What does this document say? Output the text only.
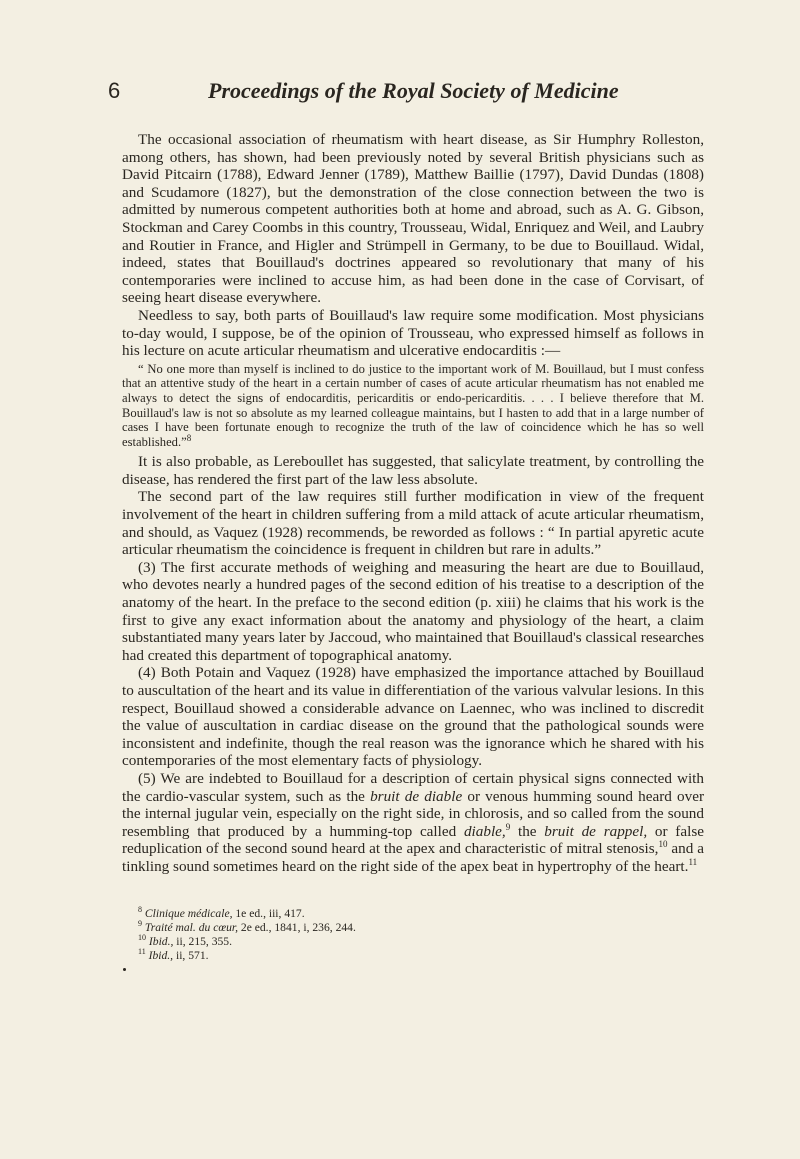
6	Proceedings of the Royal Society of Medicine

The occasional association of rheumatism with heart disease, as Sir Humphry Rolleston, among others, has shown, had been previously noted by several British physicians such as David Pitcairn (1788), Edward Jenner (1789), Matthew Baillie (1797), David Dundas (1808) and Scudamore (1827), but the demonstration of the close connection between the two is admitted by numerous competent authorities both at home and abroad, such as A. G. Gibson, Stockman and Carey Coombs in this country, Trousseau, Widal, Enriquez and Weil, and Laubry and Routier in France, and Higler and Strümpell in Germany, to be due to Bouillaud. Widal, indeed, states that Bouillaud's doctrines appeared so revolutionary that many of his contemporaries were inclined to accuse him, as had been done in the case of Corvisart, of seeing heart disease everywhere.

Needless to say, both parts of Bouillaud's law require some modification. Most physicians to-day would, I suppose, be of the opinion of Trousseau, who expressed himself as follows in his lecture on acute articular rheumatism and ulcerative endocarditis :—

“ No one more than myself is inclined to do justice to the important work of M. Bouillaud, but I must confess that an attentive study of the heart in a certain number of cases of acute articular rheumatism has not enabled me always to detect the signs of endocarditis, pericarditis or endo-pericarditis. . . . I believe therefore that M. Bouillaud's law is not so absolute as my learned colleague maintains, but I hasten to add that in a large number of cases I have been fortunate enough to recognize the truth of the law of coincidence which he has so well established.”$^8$

It is also probable, as Lereboullet has suggested, that salicylate treatment, by controlling the disease, has rendered the first part of the law less absolute.

The second part of the law requires still further modification in view of the frequent involvement of the heart in children suffering from a mild attack of acute articular rheumatism, and should, as Vaquez (1928) recommends, be reworded as follows : “ In partial apyretic acute articular rheumatism the coincidence is frequent in children but rare in adults.”

(3) The first accurate methods of weighing and measuring the heart are due to Bouillaud, who devotes nearly a hundred pages of the second edition of his treatise to a description of the anatomy of the heart. In the preface to the second edition (p. xiii) he claims that his work is the first to give any exact information about the anatomy and physiology of the heart, a claim substantiated many years later by Jaccoud, who maintained that Bouillaud's classical researches had created this department of topographical anatomy.

(4) Both Potain and Vaquez (1928) have emphasized the importance attached by Bouillaud to auscultation of the heart and its value in differentiation of the various valvular lesions. In this respect, Bouillaud showed a considerable advance on Laennec, who was inclined to discredit the value of auscultation in cardiac disease on the ground that the pathological sounds were inconsistent and indefinite, though the real reason was the ignorance which he shared with his contemporaries of the most elementary facts of physiology.

(5) We are indebted to Bouillaud for a description of certain physical signs connected with the cardio-vascular system, such as the bruit de diable or venous humming sound heard over the internal jugular vein, especially on the right side, in chlorosis, and so called from the sound resembling that produced by a humming-top called diable,$^9$ the bruit de rappel, or false reduplication of the second sound heard at the apex and characteristic of mitral stenosis,$^{10}$ and a tinkling sound sometimes heard on the right side of the apex beat in hypertrophy of the heart.$^{11}$

$^8$ Clinique médicale, 1e ed., iii, 417.
$^9$ Traité mal. du cœur, 2e ed., 1841, i, 236, 244.
$^{10}$ Ibid., ii, 215, 355.
$^{11}$ Ibid., ii, 571.
